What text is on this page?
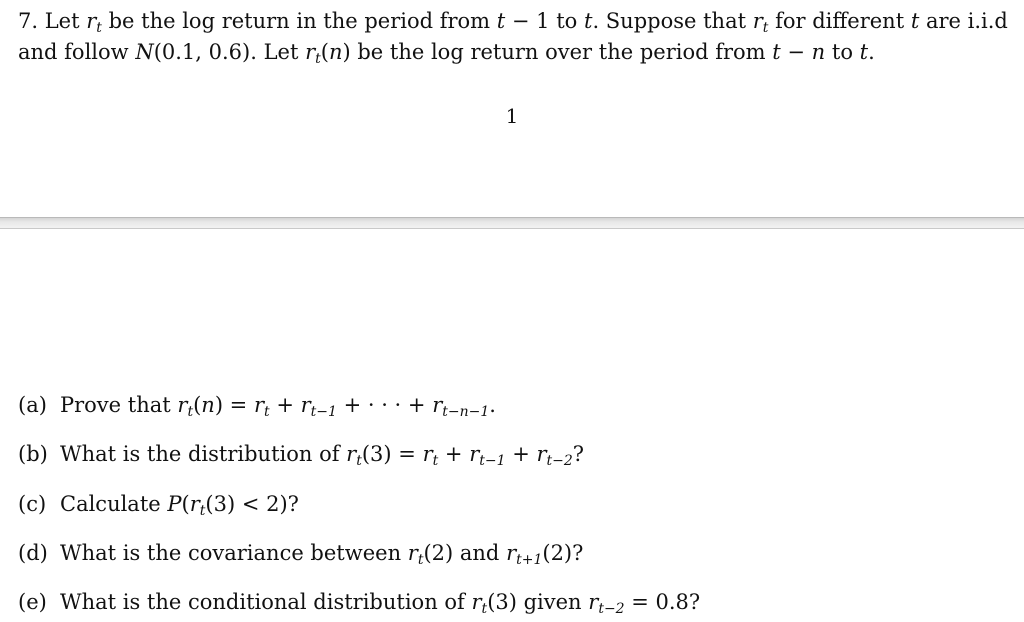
7. Let $r_t$ be the log return in the period from t − 1 to t. Suppose that $r_t$ for different t are i.i.d
and follow N(0.1, 0.6). Let $r_t(n)$ be the log return over the period from t − n to t.

1
(a) Prove that $r_t(n) = r_t + r_{t-1}$ + · · · + $r_{t-n-1}$.
(b) What is the distribution of $r_t(3) = r_t + r_{t-1} + r_{t-2}$?
(c) Calculate $P(r_t(3) < 2)$?
(d) What is the covariance between $r_t(2)$ and $r_{t+1}(2)$?
(e) What is the conditional distribution of $r_t(3)$ given $r_{t-2} = 0.8$?
